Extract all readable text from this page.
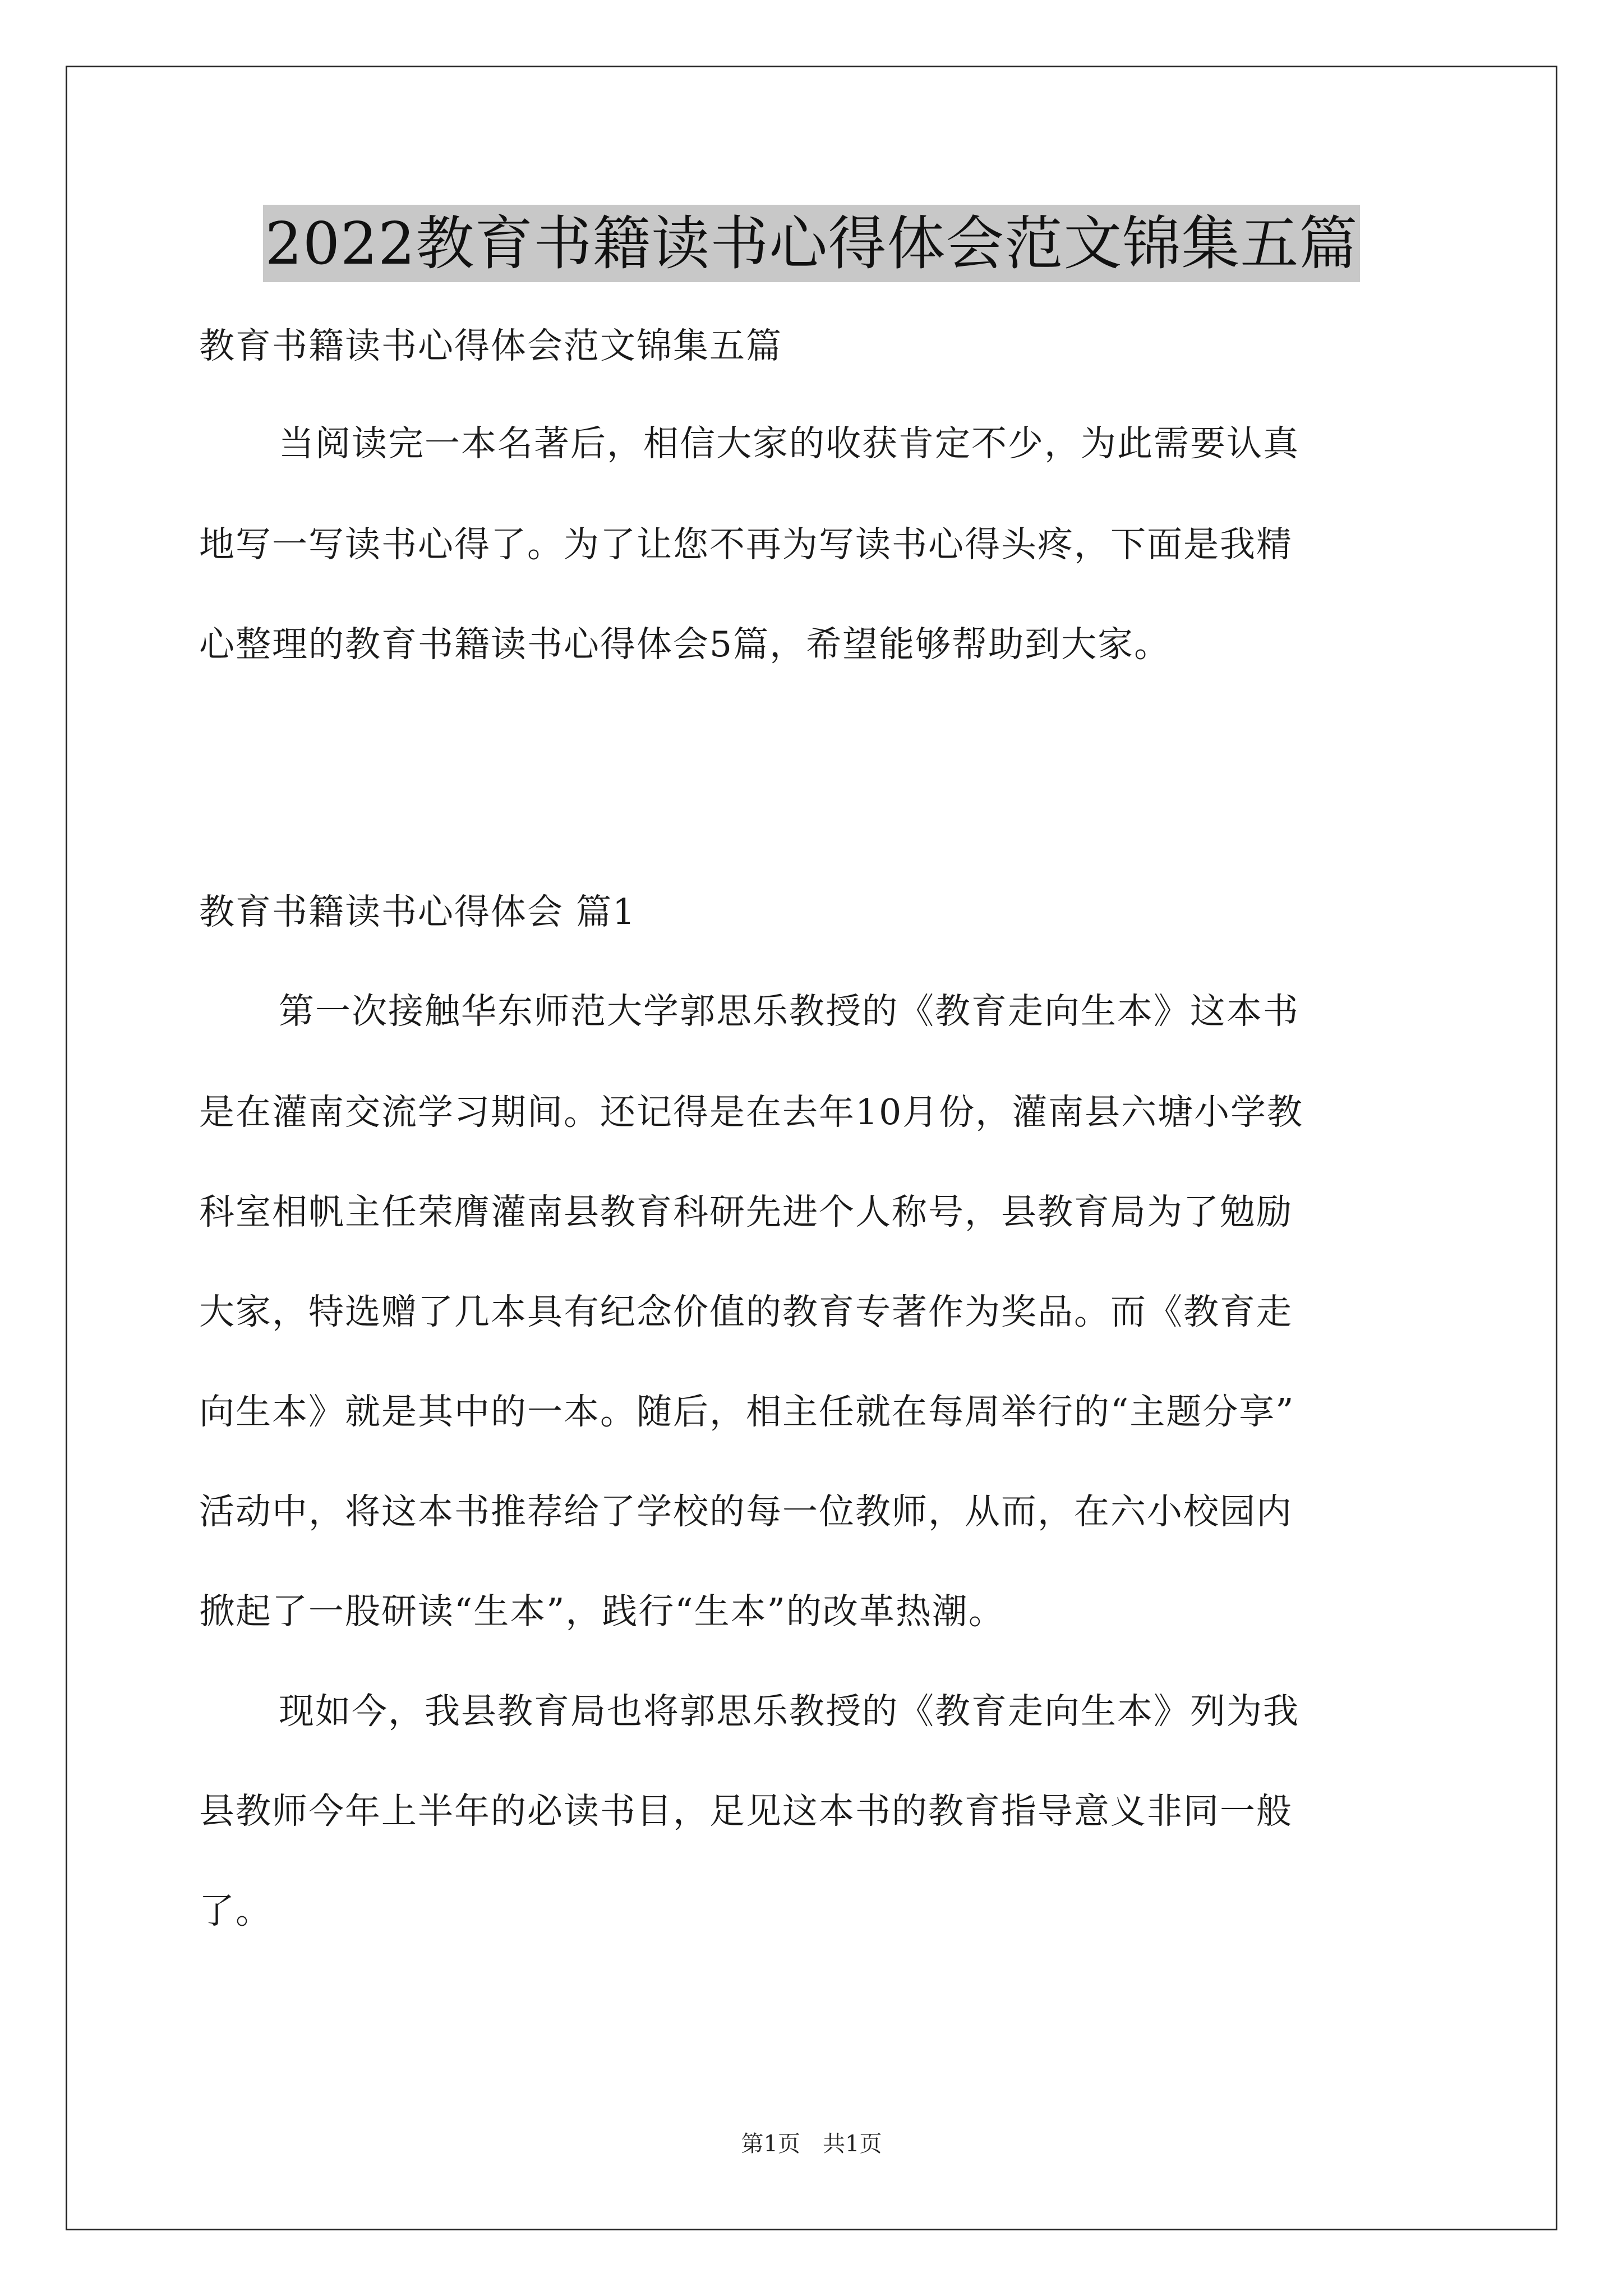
2022教育书籍读书心得体会范文锦集五篇
教育书籍读书心得体会范文锦集五篇
当阅读完一本名著后，相信大家的收获肯定不少，为此需要认真
地写一写读书心得了。为了让您不再为写读书心得头疼，下面是我精
心整理的教育书籍读书心得体会5篇，希望能够帮助到大家。
教育书籍读书心得体会 篇1
第一次接触华东师范大学郭思乐教授的《教育走向生本》这本书
是在灌南交流学习期间。还记得是在去年10月份，灌南县六塘小学教
科室相帆主任荣膺灌南县教育科研先进个人称号，县教育局为了勉励
大家，特选赠了几本具有纪念价值的教育专著作为奖品。而《教育走
向生本》就是其中的一本。随后，相主任就在每周举行的“主题分享”
活动中，将这本书推荐给了学校的每一位教师，从而，在六小校园内
掀起了一股研读“生本”，践行“生本”的改革热潮。
现如今，我县教育局也将郭思乐教授的《教育走向生本》列为我
县教师今年上半年的必读书目，足见这本书的教育指导意义非同一般
了。
第1页　共1页
